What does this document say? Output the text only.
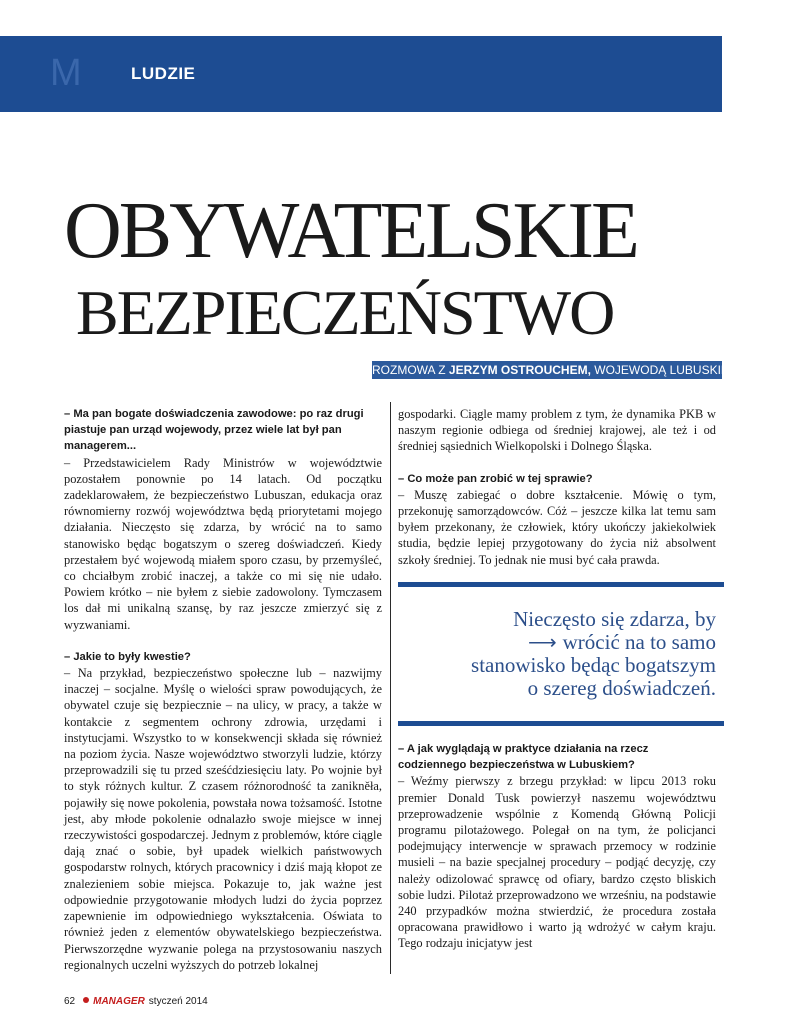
M	LUDZIE
OBYWATELSKIE
BEZPIECZEŃSTWO
ROZMOWA Z JERZYM OSTROUCHEM, WOJEWODĄ LUBUSKIM

– Ma pan bogate doświadczenia zawodowe: po raz drugi piastuje pan urząd wojewody, przez wiele lat był pan managerem...

– Przedstawicielem Rady Ministrów w województwie pozostałem ponownie po 14 latach. Od początku zadeklarowałem, że bezpieczeństwo Lubuszan, edukacja oraz równomierny rozwój województwa będą priorytetami mojego działania. Nieczęsto się zdarza, by wrócić na to samo stanowisko będąc bogatszym o szereg doświadczeń. Kiedy przestałem być wojewodą miałem sporo czasu, by przemyśleć, co chciałbym zrobić inaczej, a także co mi się nie udało. Powiem krótko – nie byłem z siebie zadowolony. Tymczasem los dał mi unikalną szansę, by raz jeszcze zmierzyć się z wyzwaniami.

– Jakie to były kwestie?

– Na przykład, bezpieczeństwo społeczne lub – nazwijmy inaczej – socjalne. Myślę o wielości spraw powodujących, że obywatel czuje się bezpiecznie – na ulicy, w pracy, a także w kontakcie z segmentem ochrony zdrowia, urzędami i instytucjami. Wszystko to w konsekwencji składa się również na poziom życia. Nasze województwo stworzyli ludzie, którzy przeprowadzili się tu przed sześćdziesięciu laty. Po wojnie był to styk różnych kultur. Z czasem różnorodność ta zanikněła, pojawiły się nowe pokolenia, powstała nowa tożsamość. Istotne jest, aby młode pokolenie odnalazło swoje miejsce w innej rzeczywistości gospodarczej. Jednym z problemów, które ciągle dają znać o sobie, był upadek wielkich państwowych gospodarstw rolnych, których pracownicy i dziś mają kłopot ze znalezieniem sobie miejsca. Pokazuje to, jak ważne jest odpowiednie przygotowanie młodych ludzi do życia poprzez zapewnienie im odpowiedniego wykształcenia. Oświata to również jeden z elementów obywatelskiego bezpieczeństwa. Pierwszorzędne wyzwanie polega na przystosowaniu naszych regionalnych uczelni wyższych do potrzeb lokalnej

gospodarki. Ciągle mamy problem z tym, że dynamika PKB w naszym regionie odbiega od średniej krajowej, ale też i od średniej sąsiednich Wielkopolski i Dolnego Śląska.

– Co może pan zrobić w tej sprawie?

– Muszę zabiegać o dobre kształcenie. Mówię o tym, przekonuję samorządowców. Cóż – jeszcze kilka lat temu sam byłem przekonany, że człowiek, który ukończy jakiekolwiek studia, będzie lepiej przygotowany do życia niż absolwent szkoły średniej. To jednak nie musi być cała prawda.

Nieczęsto się zdarza, by
⟶ wrócić na to samo
stanowisko będąc bogatszym
o szereg doświadczeń.

– A jak wyglądają w praktyce działania na rzecz codziennego bezpieczeństwa w Lubuskiem?

– Weźmy pierwszy z brzegu przykład: w lipcu 2013 roku premier Donald Tusk powierzył naszemu województwu przeprowadzenie wspólnie z Komendą Główną Policji programu pilotażowego. Polegał on na tym, że policjanci podejmujący interwencje w sprawach przemocy w rodzinie musieli – na bazie specjalnej procedury – podjąć decyzję, czy należy odizolować sprawcę od ofiary, bardzo często bliskich sobie ludzi. Pilotaż przeprowadzono we wrześniu, na podstawie 240 przypadków można stwierdzić, że procedura została opracowana prawidłowo i warto ją wdrożyć w całym kraju. Tego rodzaju inicjatyw jest

62 MANAGER styczeń 2014
